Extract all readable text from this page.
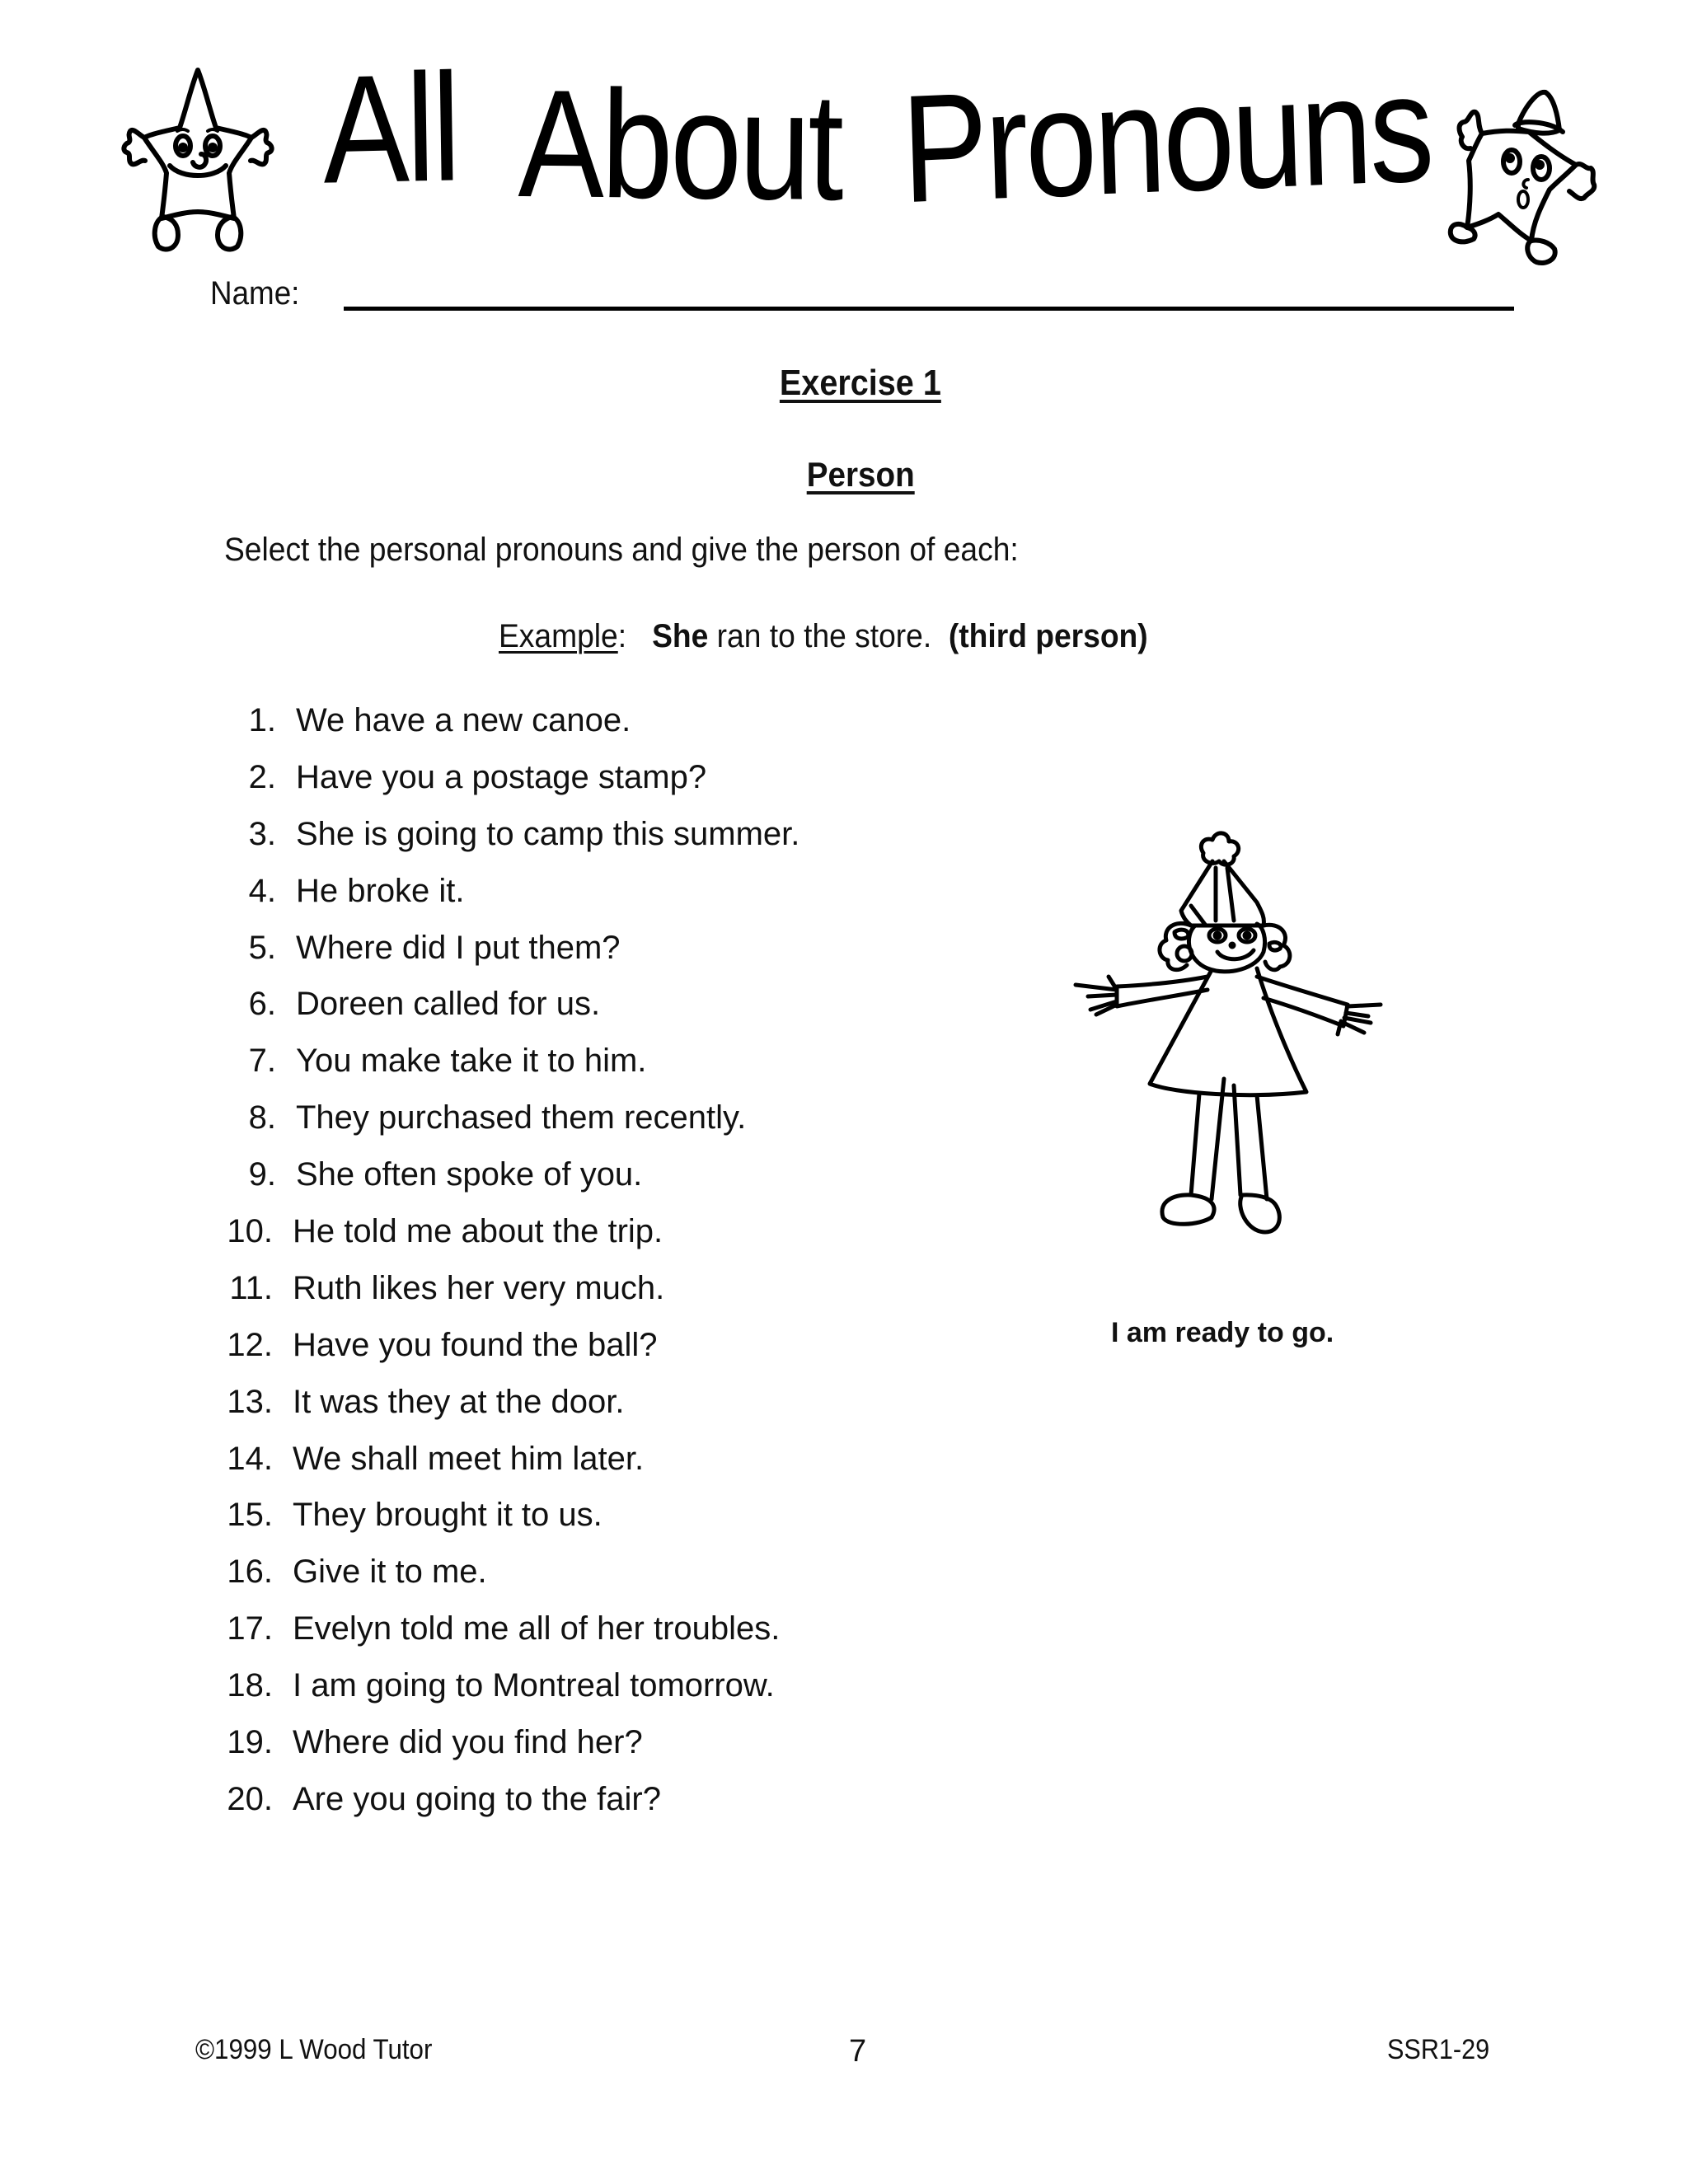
All About Pronouns
Name:
Exercise 1
Person
Select the personal pronouns and give the person of each:
Example: She ran to the store. (third person)
1. We have a new canoe.
2. Have you a postage stamp?
3. She is going to camp this summer.
4. He broke it.
5. Where did I put them?
6. Doreen called for us.
7. You make take it to him.
8. They purchased them recently.
9. She often spoke of you.
10. He told me about the trip.
11. Ruth likes her very much.
12. Have you found the ball?
13. It was they at the door.
14. We shall meet him later.
15. They brought it to us.
16. Give it to me.
17. Evelyn told me all of her troubles.
18. I am going to Montreal tomorrow.
19. Where did you find her?
20. Are you going to the fair?
I am ready to go.
©1999 L Wood Tutor	7	SSR1-29
